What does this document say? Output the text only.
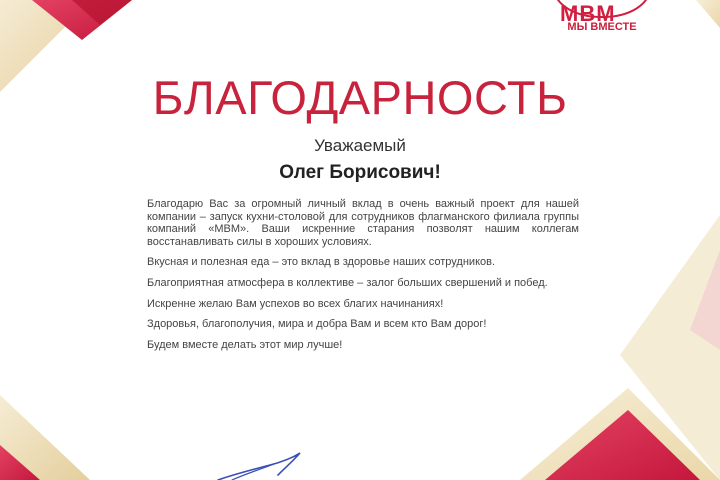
МВМ
МЫ ВМЕСТЕ
БЛАГОДАРНОСТЬ
Уважаемый
Олег Борисович!

Благодарю Вас за огромный личный вклад в очень важный проект для нашей компании – запуск кухни-столовой для сотрудников флагманского филиала группы компаний «МВМ». Ваши искренние старания позволят нашим коллегам восстанавливать силы в хороших условиях.

Вкусная и полезная еда – это вклад в здоровье наших сотрудников.

Благоприятная атмосфера в коллективе – залог больших свершений и побед.

Искренне желаю Вам успехов во всех благих начинаниях!

Здоровья, благополучия, мира и добра Вам и всем кто Вам дорог!

Будем вместе делать этот мир лучше!
